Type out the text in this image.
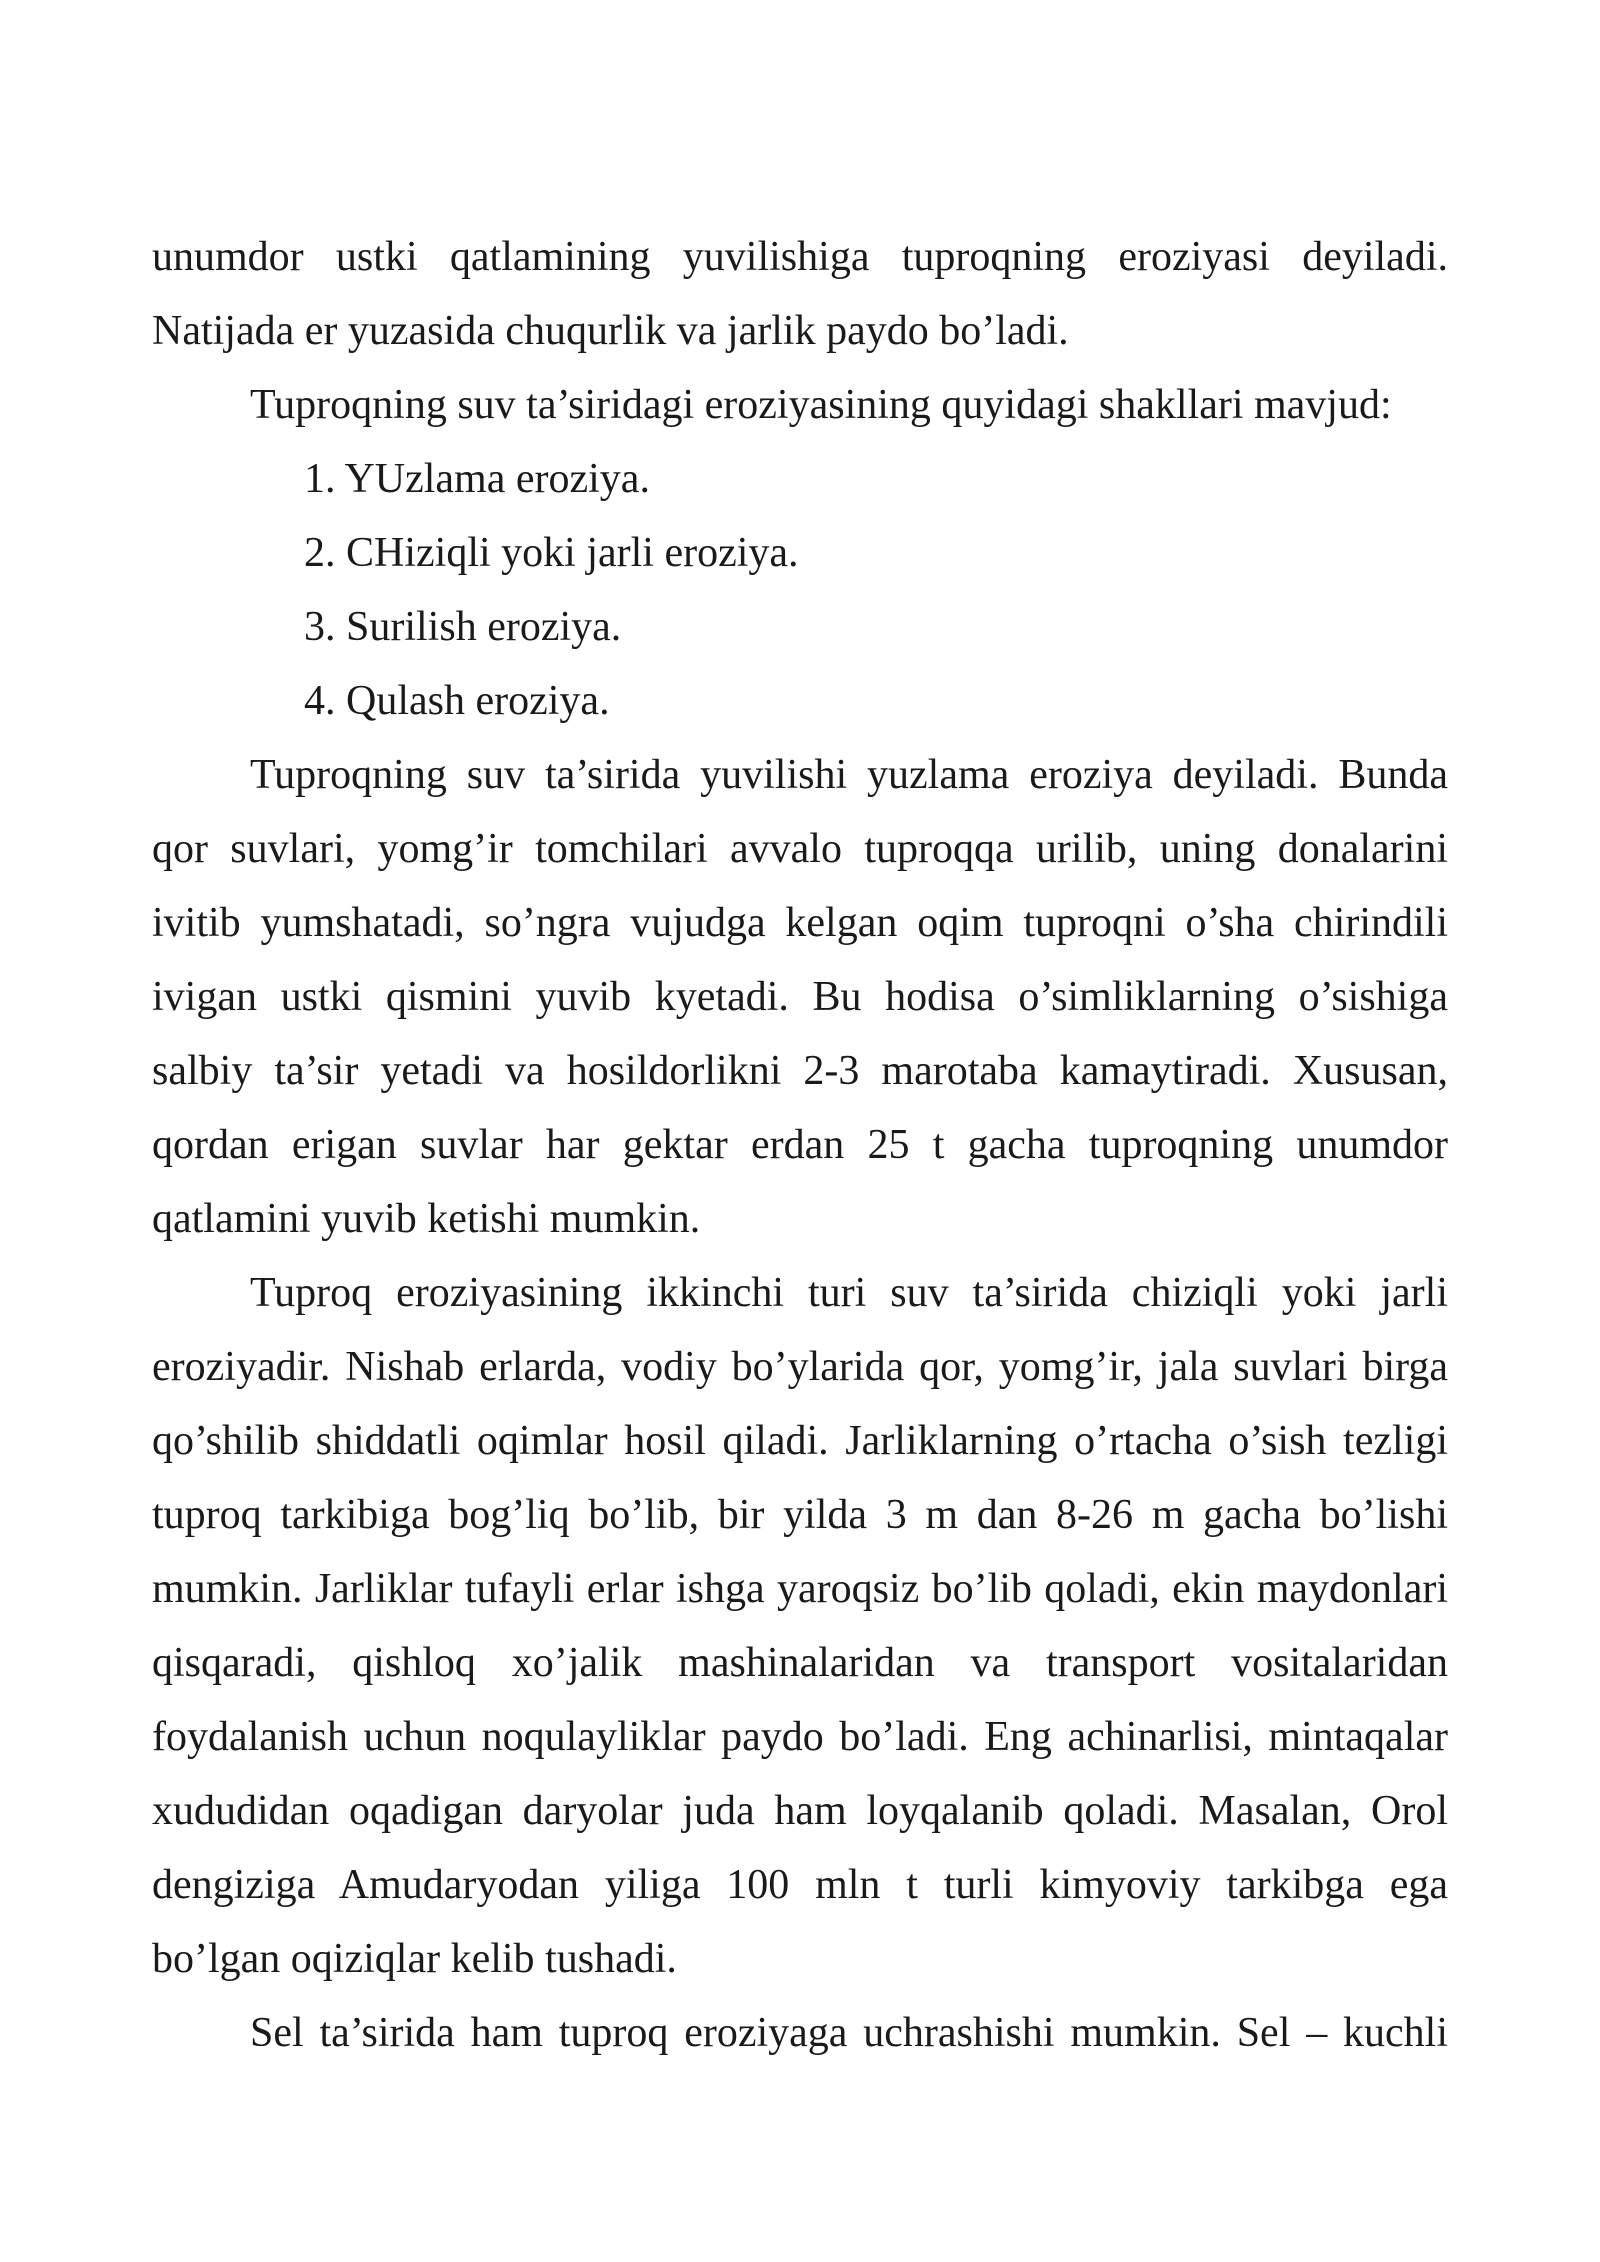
unumdor ustki qatlamining yuvilishiga tuproqning eroziyasi deyiladi. Natijada er yuzasida chuqurlik va jarlik paydo bo’ladi.

Tuproqning suv ta’siridagi eroziyasining quyidagi shakllari mavjud:

1. YUzlama eroziya.
2. CHiziqli yoki jarli eroziya.
3. Surilish eroziya.
4. Qulash eroziya.

Tuproqning suv ta’sirida yuvilishi yuzlama eroziya deyiladi. Bunda qor suvlari, yomg’ir tomchilari avvalo tuproqqa urilib, uning donalarini ivitib yumshatadi, so’ngra vujudga kelgan oqim tuproqni o’sha chirindili ivigan ustki qismini yuvib kyetadi. Bu hodisa o’simliklarning o’sishiga salbiy ta’sir yetadi va hosildorlikni 2-3 marotaba kamaytiradi. Xususan, qordan erigan suvlar har gektar erdan 25 t gacha tuproqning unumdor qatlamini yuvib ketishi mumkin.

Tuproq eroziyasining ikkinchi turi suv ta’sirida chiziqli yoki jarli eroziyadir. Nishab erlarda, vodiy bo’ylarida qor, yomg’ir, jala suvlari birga qo’shilib shiddatli oqimlar hosil qiladi. Jarliklarning o’rtacha o’sish tezligi tuproq tarkibiga bog’liq bo’lib, bir yilda 3 m dan 8-26 m gacha bo’lishi mumkin. Jarliklar tufayli erlar ishga yaroqsiz bo’lib qoladi, ekin maydonlari qisqaradi, qishloq xo’jalik mashinalaridan va transport vositalaridan foydalanish uchun noqulayliklar paydo bo’ladi. Eng achinarlisi, mintaqalar xududidan oqadigan daryolar juda ham loyqalanib qoladi. Masalan, Orol dengiziga Amudaryodan yiliga 100 mln t turli kimyoviy tarkibga ega bo’lgan oqiziqlar kelib tushadi.

Sel ta’sirida ham tuproq eroziyaga uchrashishi mumkin. Sel – kuchli
